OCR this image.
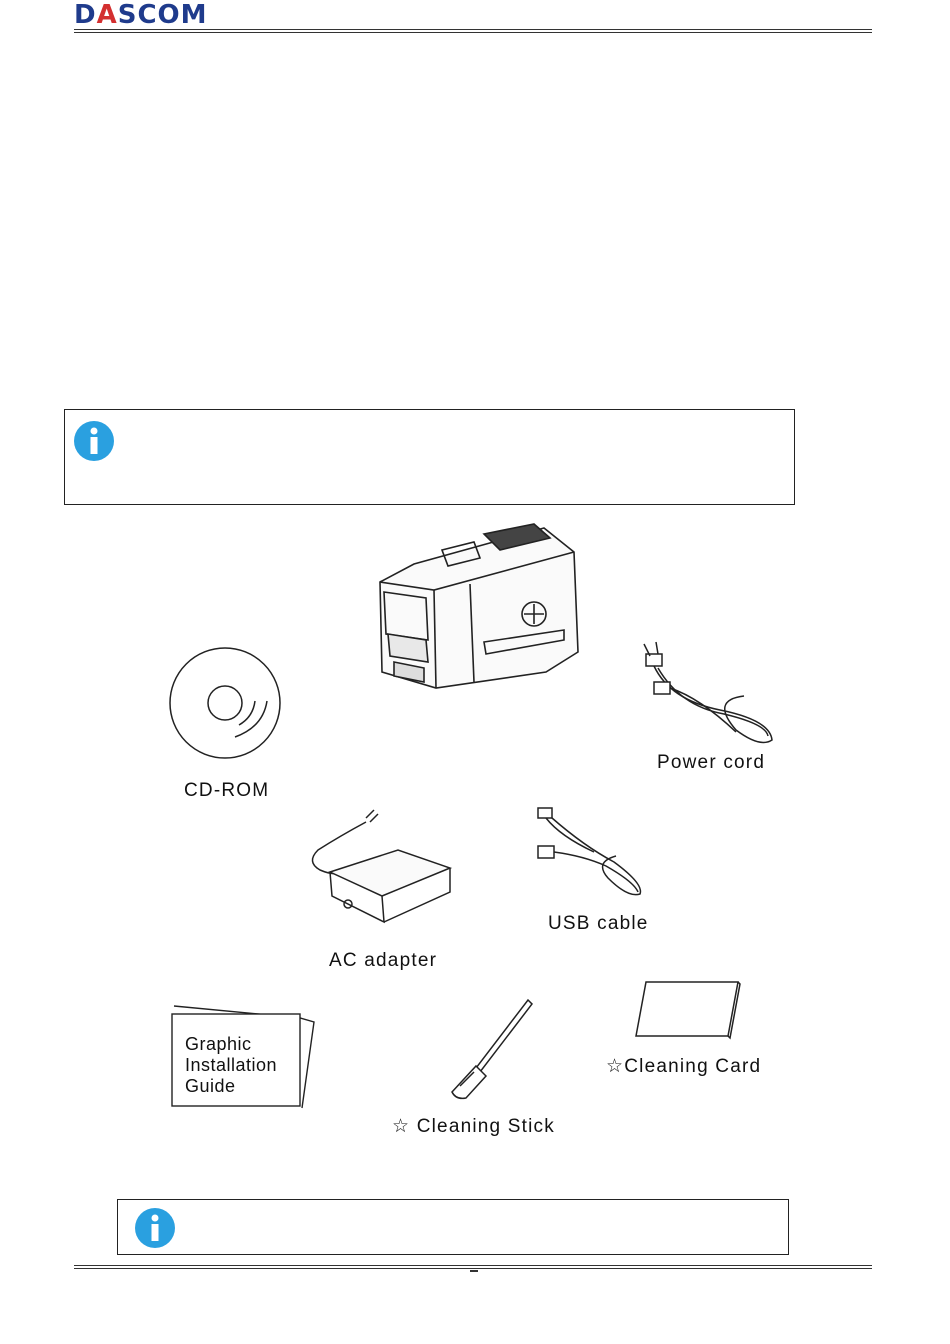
DASCOM
CD-ROM
Power cord
AC adapter
USB cable
Graphic
Installation
Guide
☆ Cleaning Stick
☆Cleaning Card
